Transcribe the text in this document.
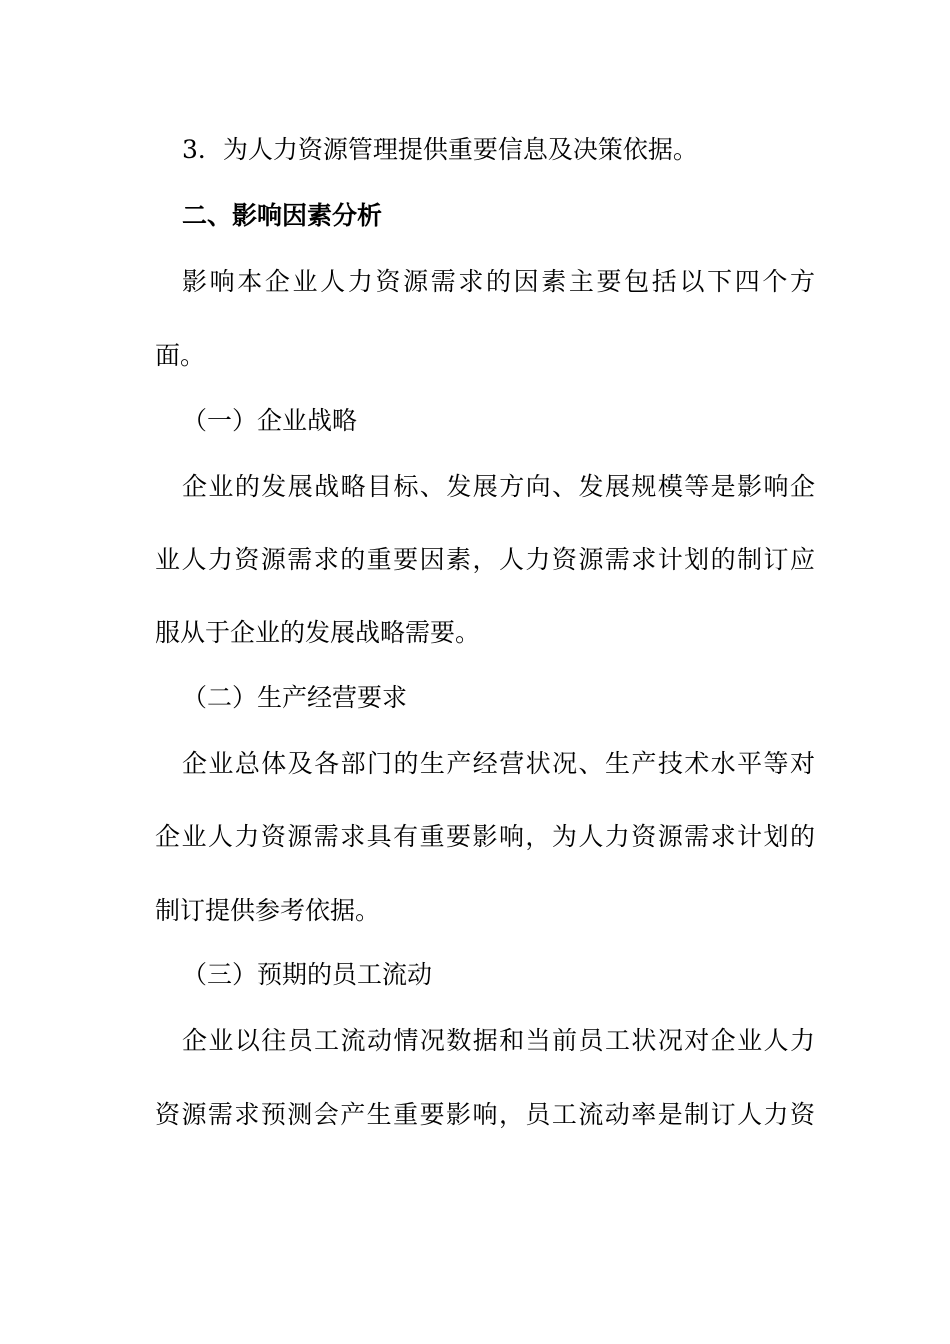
3．为人力资源管理提供重要信息及决策依据。
二、影响因素分析
影响本企业人力资源需求的因素主要包括以下四个方
面。
（一）企业战略
企业的发展战略目标、发展方向、发展规模等是影响企
业人力资源需求的重要因素，人力资源需求计划的制订应
服从于企业的发展战略需要。
（二）生产经营要求
企业总体及各部门的生产经营状况、生产技术水平等对
企业人力资源需求具有重要影响，为人力资源需求计划的
制订提供参考依据。
（三）预期的员工流动
企业以往员工流动情况数据和当前员工状况对企业人力
资源需求预测会产生重要影响，员工流动率是制订人力资
